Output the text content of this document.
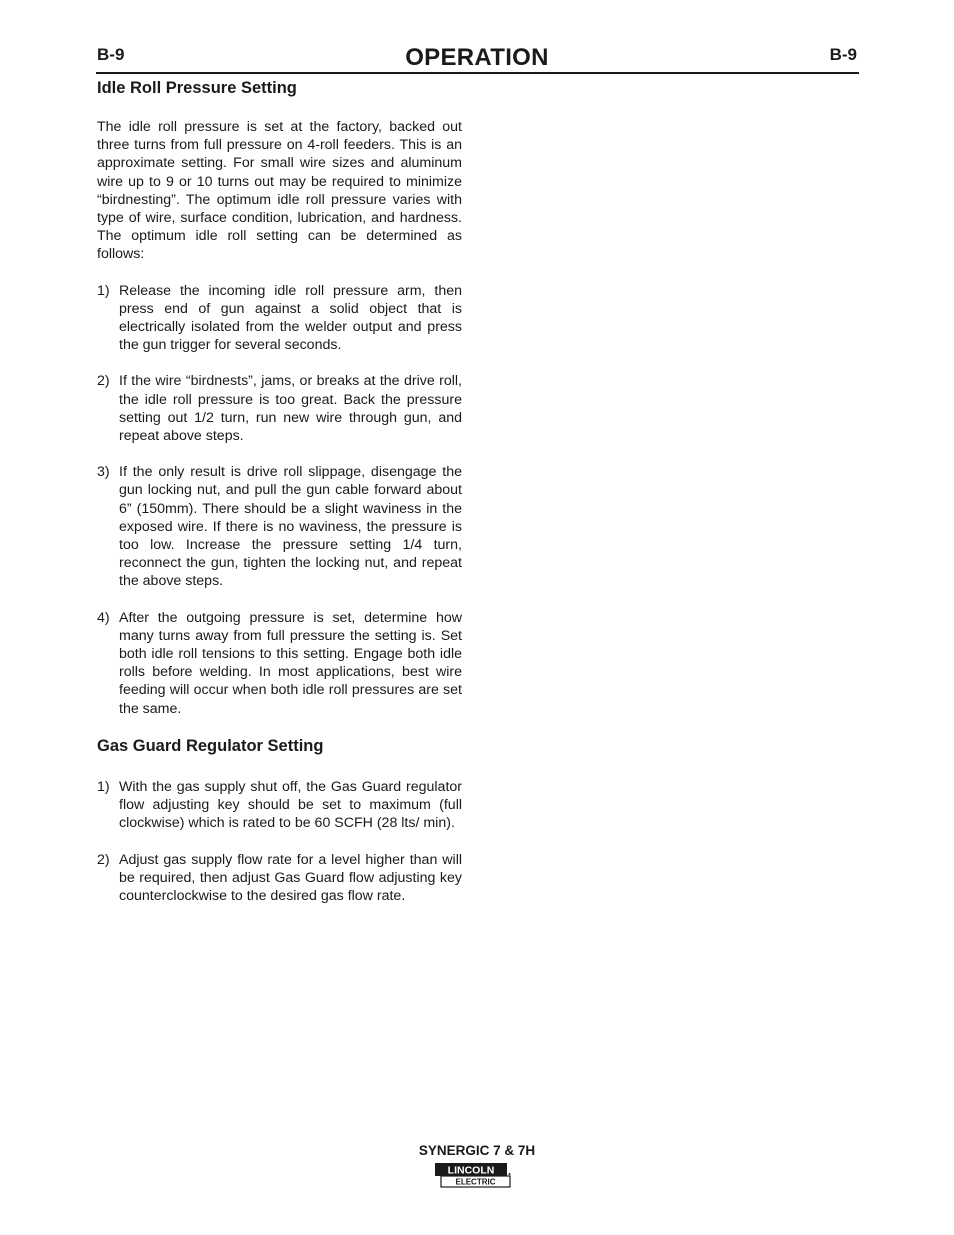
B-9	OPERATION	B-9
Idle Roll Pressure Setting

The idle roll pressure is set at the factory, backed out three turns from full pressure on 4-roll feeders. This is an approximate setting. For small wire sizes and aluminum wire up to 9 or 10 turns out may be required to minimize “birdnesting”. The optimum idle roll pressure varies with type of wire, surface condition, lubrication, and hardness. The optimum idle roll setting can be determined as follows:

1) Release the incoming idle roll pressure arm, then press end of gun against a solid object that is electrically isolated from the welder output and press the gun trigger for several seconds.
2) If the wire “birdnests”, jams, or breaks at the drive roll, the idle roll pressure is too great. Back the pressure setting out 1/2 turn, run new wire through gun, and repeat above steps.
3) If the only result is drive roll slippage, disengage the gun locking nut, and pull the gun cable forward about 6” (150mm). There should be a slight waviness in the exposed wire. If there is no waviness, the pressure is too low. Increase the pressure setting 1/4 turn, reconnect the gun, tighten the locking nut, and repeat the above steps.
4) After the outgoing pressure is set, determine how many turns away from full pressure the setting is. Set both idle roll tensions to this setting. Engage both idle rolls before welding. In most applications, best wire feeding will occur when both idle roll pressures are set the same.
Gas Guard Regulator Setting
1) With the gas supply shut off, the Gas Guard regulator flow adjusting key should be set to maximum (full clockwise) which is rated to be 60 SCFH (28 lts/ min).
2) Adjust gas supply flow rate for a level higher than will be required, then adjust Gas Guard flow adjusting key counterclockwise to the desired gas flow rate.
SYNERGIC 7 & 7H
LINCOLN
ELECTRIC
